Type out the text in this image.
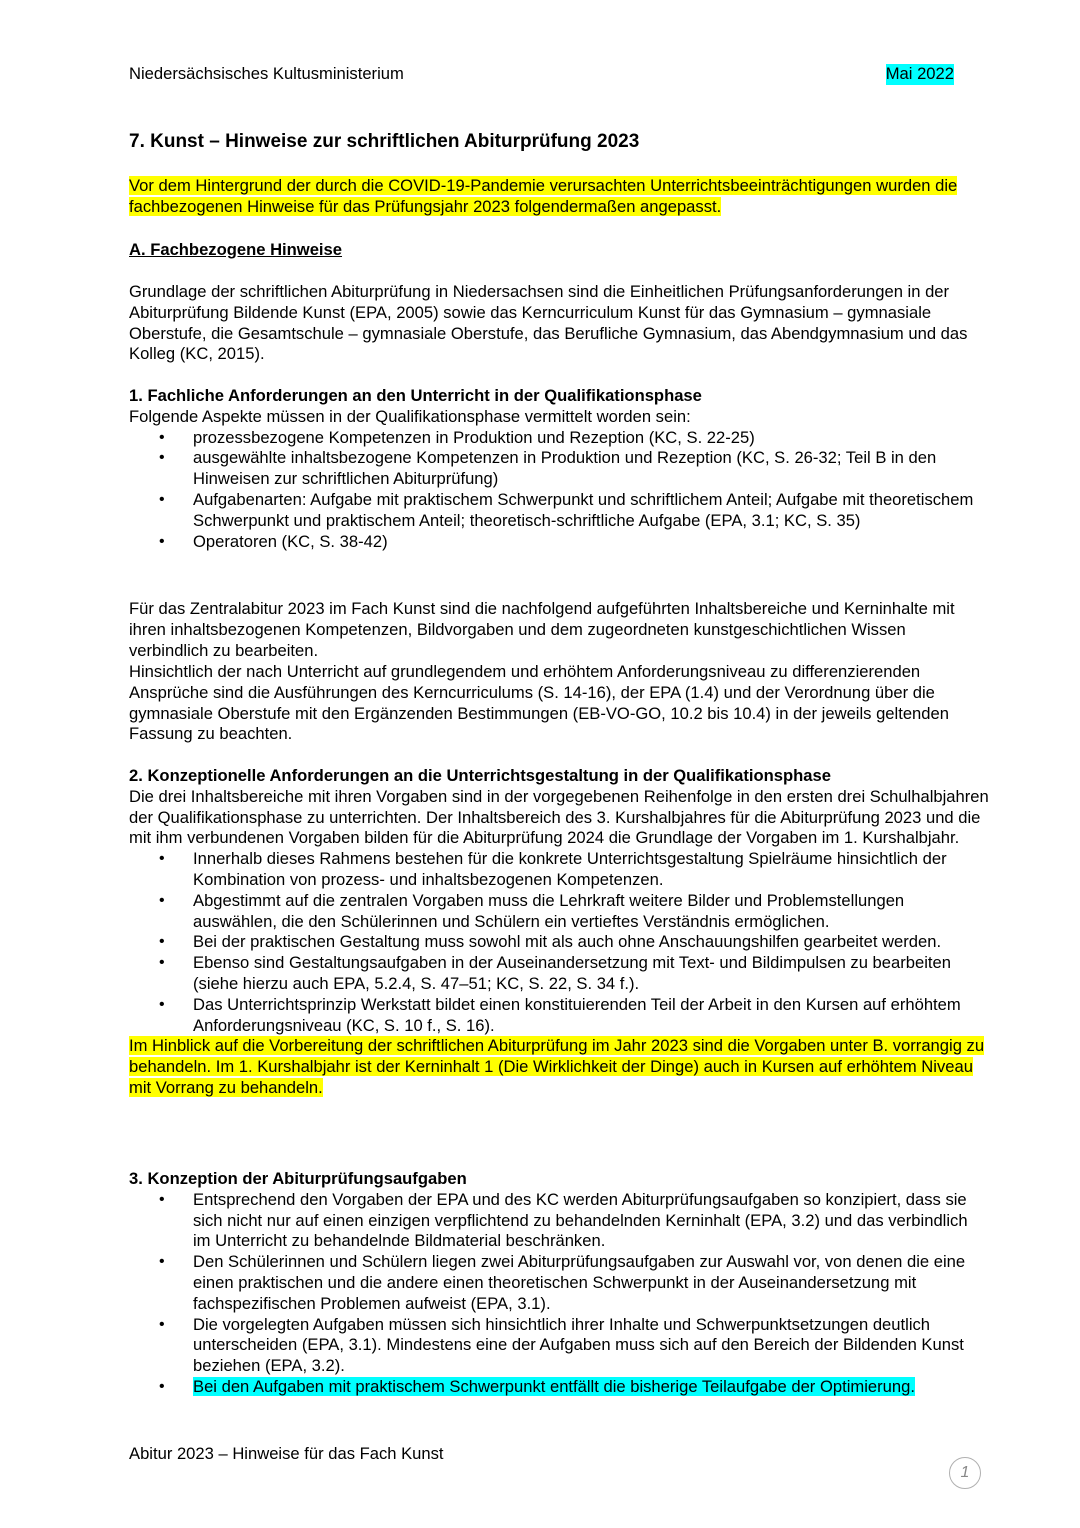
Niedersächsisches Kultusministerium	Mai 2022
7. Kunst – Hinweise zur schriftlichen Abiturprüfung 2023

Vor dem Hintergrund der durch die COVID-19-Pandemie verursachten Unterrichtsbeeinträchtigungen wurden die fachbezogenen Hinweise für das Prüfungsjahr 2023 folgendermaßen angepasst.

A. Fachbezogene Hinweise

Grundlage der schriftlichen Abiturprüfung in Niedersachsen sind die Einheitlichen Prüfungsanforderungen in der Abiturprüfung Bildende Kunst (EPA, 2005) sowie das Kerncurriculum Kunst für das Gymnasium – gymnasiale Oberstufe, die Gesamtschule – gymnasiale Oberstufe, das Berufliche Gymnasium, das Abendgymnasium und das Kolleg (KC, 2015).

1. Fachliche Anforderungen an den Unterricht in der Qualifikationsphase

Folgende Aspekte müssen in der Qualifikationsphase vermittelt worden sein:

• prozessbezogene Kompetenzen in Produktion und Rezeption (KC, S. 22-25)
• ausgewählte inhaltsbezogene Kompetenzen in Produktion und Rezeption (KC, S. 26-32; Teil B in den Hinweisen zur schriftlichen Abiturprüfung)
• Aufgabenarten: Aufgabe mit praktischem Schwerpunkt und schriftlichem Anteil; Aufgabe mit theoretischem Schwerpunkt und praktischem Anteil; theoretisch-schriftliche Aufgabe (EPA, 3.1; KC, S. 35)
• Operatoren (KC, S. 38-42)

Für das Zentralabitur 2023 im Fach Kunst sind die nachfolgend aufgeführten Inhaltsbereiche und Kerninhalte mit ihren inhaltsbezogenen Kompetenzen, Bildvorgaben und dem zugeordneten kunstgeschichtlichen Wissen verbindlich zu bearbeiten.

Hinsichtlich der nach Unterricht auf grundlegendem und erhöhtem Anforderungsniveau zu differenzierenden Ansprüche sind die Ausführungen des Kerncurriculums (S. 14-16), der EPA (1.4) und der Verordnung über die gymnasiale Oberstufe mit den Ergänzenden Bestimmungen (EB-VO-GO, 10.2 bis 10.4) in der jeweils geltenden Fassung zu beachten.

2. Konzeptionelle Anforderungen an die Unterrichtsgestaltung in der Qualifikationsphase

Die drei Inhaltsbereiche mit ihren Vorgaben sind in der vorgegebenen Reihenfolge in den ersten drei Schulhalbjahren der Qualifikationsphase zu unterrichten. Der Inhaltsbereich des 3. Kurshalbjahres für die Abiturprüfung 2023 und die mit ihm verbundenen Vorgaben bilden für die Abiturprüfung 2024 die Grundlage der Vorgaben im 1. Kurshalbjahr.

• Innerhalb dieses Rahmens bestehen für die konkrete Unterrichtsgestaltung Spielräume hinsichtlich der Kombination von prozess- und inhaltsbezogenen Kompetenzen.
• Abgestimmt auf die zentralen Vorgaben muss die Lehrkraft weitere Bilder und Problemstellungen auswählen, die den Schülerinnen und Schülern ein vertieftes Verständnis ermöglichen.
• Bei der praktischen Gestaltung muss sowohl mit als auch ohne Anschauungshilfen gearbeitet werden.
• Ebenso sind Gestaltungsaufgaben in der Auseinandersetzung mit Text- und Bildimpulsen zu bearbeiten (siehe hierzu auch EPA, 5.2.4, S. 47–51; KC, S. 22, S. 34 f.).
• Das Unterrichtsprinzip Werkstatt bildet einen konstituierenden Teil der Arbeit in den Kursen auf erhöhtem Anforderungsniveau (KC, S. 10 f., S. 16).

Im Hinblick auf die Vorbereitung der schriftlichen Abiturprüfung im Jahr 2023 sind die Vorgaben unter B. vorrangig zu behandeln. Im 1. Kurshalbjahr ist der Kerninhalt 1 (Die Wirklichkeit der Dinge) auch in Kursen auf erhöhtem Niveau mit Vorrang zu behandeln.

3. Konzeption der Abiturprüfungsaufgaben

• Entsprechend den Vorgaben der EPA und des KC werden Abiturprüfungsaufgaben so konzipiert, dass sie sich nicht nur auf einen einzigen verpflichtend zu behandelnden Kerninhalt (EPA, 3.2) und das verbindlich im Unterricht zu behandelnde Bildmaterial beschränken.
• Den Schülerinnen und Schülern liegen zwei Abiturprüfungsaufgaben zur Auswahl vor, von denen die eine einen praktischen und die andere einen theoretischen Schwerpunkt in der Auseinandersetzung mit fachspezifischen Problemen aufweist (EPA, 3.1).
• Die vorgelegten Aufgaben müssen sich hinsichtlich ihrer Inhalte und Schwerpunktsetzungen deutlich unterscheiden (EPA, 3.1). Mindestens eine der Aufgaben muss sich auf den Bereich der Bildenden Kunst beziehen (EPA, 3.2).
• Bei den Aufgaben mit praktischem Schwerpunkt entfällt die bisherige Teilaufgabe der Optimierung.
Abitur 2023 – Hinweise für das Fach Kunst
1
